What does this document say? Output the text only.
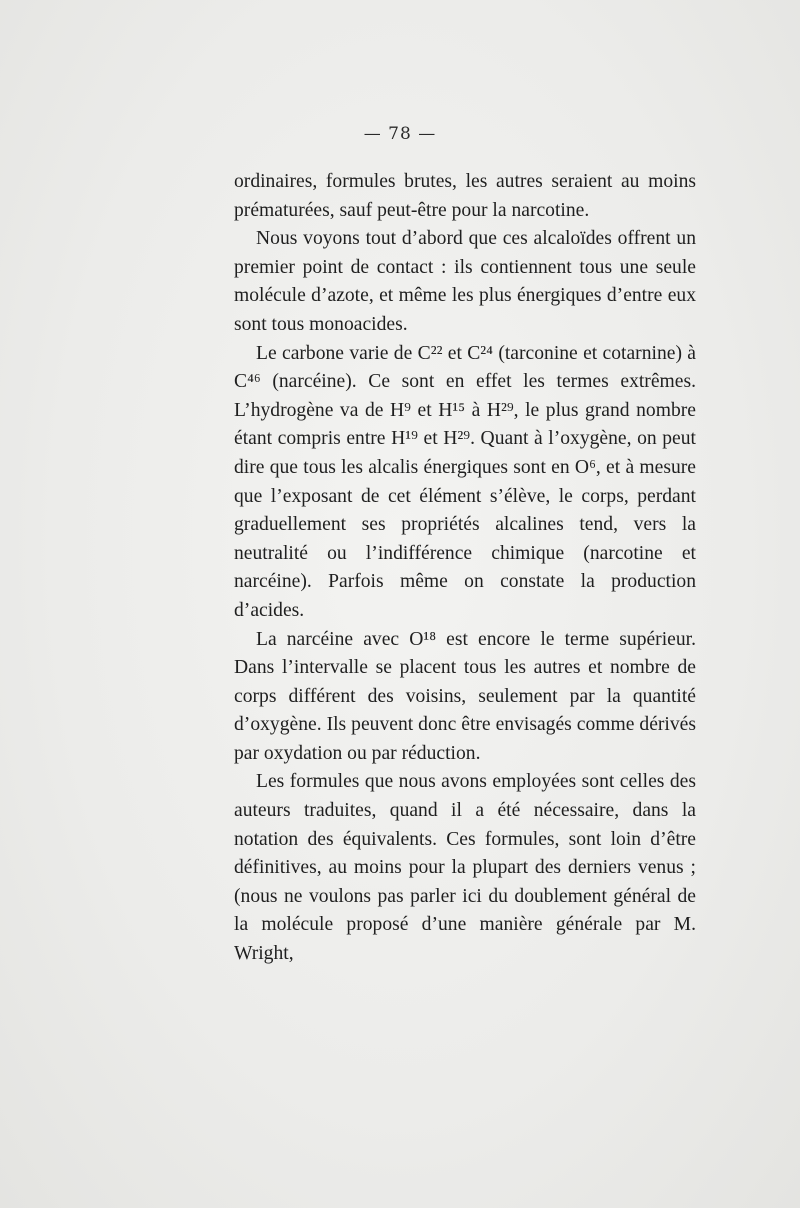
— 78 —

ordinaires, formules brutes, les autres seraient au moins prématurées, sauf peut-être pour la narcotine.

Nous voyons tout d’abord que ces alcaloïdes offrent un premier point de contact : ils contiennent tous une seule molécule d’azote, et même les plus énergiques d’entre eux sont tous monoacides.

Le carbone varie de C²² et C²⁴ (tarconine et cotarnine) à C⁴⁶ (narcéine). Ce sont en effet les termes extrêmes. L’hydrogène va de H⁹ et H¹⁵ à H²⁹, le plus grand nombre étant compris entre H¹⁹ et H²⁹. Quant à l’oxygène, on peut dire que tous les alcalis énergiques sont en O⁶, et à mesure que l’exposant de cet élément s’élève, le corps, perdant graduellement ses propriétés alcalines tend, vers la neutralité ou l’indifférence chimique (narcotine et narcéine). Parfois même on constate la production d’acides.

La narcéine avec O¹⁸ est encore le terme supérieur. Dans l’intervalle se placent tous les autres et nombre de corps différent des voisins, seulement par la quantité d’oxygène. Ils peuvent donc être envisagés comme dérivés par oxydation ou par réduction.

Les formules que nous avons employées sont celles des auteurs traduites, quand il a été nécessaire, dans la notation des équivalents. Ces formules, sont loin d’être définitives, au moins pour la plupart des derniers venus ; (nous ne voulons pas parler ici du doublement général de la molécule proposé d’une manière générale par M. Wright,
